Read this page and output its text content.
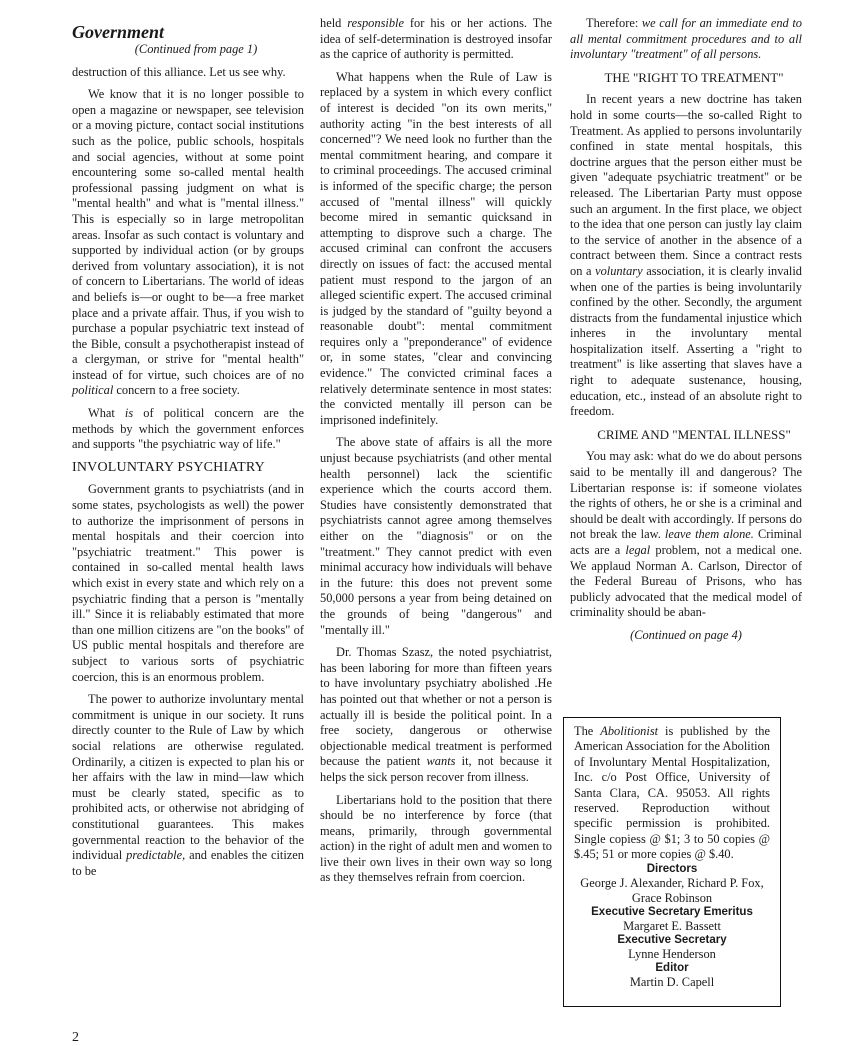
Government

(Continued from page 1)

destruction of this alliance. Let us see why.

We know that it is no longer possible to open a magazine or newspaper, see television or a moving picture, contact social institutions such as the police, public schools, hospitals and social agencies, without at some point encountering some so-called mental health professional passing judgment on what is "mental health" and what is "mental illness." This is especially so in large metropolitan areas. Insofar as such contact is voluntary and supported by individual action (or by groups derived from voluntary association), it is not of concern to Libertarians. The world of ideas and beliefs is—or ought to be—a free market place and a private affair. Thus, if you wish to purchase a popular psychiatric text instead of the Bible, consult a psychotherapist instead of a clergyman, or strive for "mental health" instead of for virtue, such choices are of no political concern to a free society.

What is of political concern are the methods by which the government enforces and supports "the psychiatric way of life."

INVOLUNTARY PSYCHIATRY

Government grants to psychiatrists (and in some states, psychologists as well) the power to authorize the imprisonment of persons in mental hospitals and their coercion into "psychiatric treatment." This power is contained in so-called mental health laws which exist in every state and which rely on a psychiatric finding that a person is "mentally ill." Since it is reliabably estimated that more than one million citizens are "on the books" of US public mental hospitals and therefore are subject to various sorts of psychiatric coercion, this is an enormous problem.

The power to authorize involuntary mental commitment is unique in our society. It runs directly counter to the Rule of Law by which social relations are otherwise regulated. Ordinarily, a citizen is expected to plan his or her affairs with the law in mind—law which must be clearly stated, specific as to prohibited acts, or otherwise not abridging of constitutional guarantees. This makes governmental reaction to the behavior of the individual predictable, and enables the citizen to be

held responsible for his or her actions. The idea of self-determination is destroyed insofar as the caprice of authority is permitted.

What happens when the Rule of Law is replaced by a system in which every conflict of interest is decided "on its own merits," authority acting "in the best interests of all concerned"? We need look no further than the mental commitment hearing, and compare it to criminal proceedings. The accused criminal is informed of the specific charge; the person accused of "mental illness" will quickly become mired in semantic quicksand in attempting to disprove such a charge. The accused criminal can confront the accusers directly on issues of fact: the accused mental patient must respond to the jargon of an alleged scientific expert. The accused criminal is judged by the standard of "guilty beyond a reasonable doubt": mental commitment requires only a "preponderance" of evidence or, in some states, "clear and convincing evidence." The convicted criminal faces a relatively determinate sentence in most states: the convicted mentally ill person can be imprisoned indefinitely.

The above state of affairs is all the more unjust because psychiatrists (and other mental health personnel) lack the scientific experience which the courts accord them. Studies have consistently demonstrated that psychiatrists cannot agree among themselves either on the "diagnosis" or on the "treatment." They cannot predict with even minimal accuracy how individuals will behave in the future: this does not prevent some 50,000 persons a year from being detained on the grounds of being "dangerous" and "mentally ill."

Dr. Thomas Szasz, the noted psychiatrist, has been laboring for more than fifteen years to have involuntary psychiatry abolished .He has pointed out that whether or not a person is actually ill is beside the political point. In a free society, dangerous or otherwise objectionable medical treatment is performed because the patient wants it, not because it helps the sick person recover from illness.

Libertarians hold to the position that there should be no interference by force (that means, primarily, through governmental action) in the right of adult men and women to live their own lives in their own way so long as they themselves refrain from coercion.

Therefore: we call for an immediate end to all mental commitment procedures and to all involuntary "treatment" of all persons.

THE "RIGHT TO TREATMENT"

In recent years a new doctrine has taken hold in some courts—the so-called Right to Treatment. As applied to persons involuntarily confined in state mental hospitals, this doctrine argues that the person either must be given "adequate psychiatric treatment" or be released. The Libertarian Party must oppose such an argument. In the first place, we object to the idea that one person can justly lay claim to the service of another in the absence of a contract between them. Since a contract rests on a voluntary association, it is clearly invalid when one of the parties is being involuntarily confined by the other. Secondly, the argument distracts from the fundamental injustice which inheres in the involuntary mental hospitalization itself. Asserting a "right to treatment" is like asserting that slaves have a right to adequate sustenance, housing, education, etc., instead of an absolute right to freedom.

CRIME AND "MENTAL ILLNESS"

You may ask: what do we do about persons said to be mentally ill and dangerous? The Libertarian response is: if someone violates the rights of others, he or she is a criminal and should be dealt with accordingly. If persons do not break the law. leave them alone. Criminal acts are a legal problem, not a medical one. We applaud Norman A. Carlson, Director of the Federal Bureau of Prisons, who has publicly advocated that the medical model of criminality should be aban-

(Continued on page 4)

The Abolitionist is published by the American Association for the Abolition of Involuntary Mental Hospitalization, Inc. c/o Post Office, University of Santa Clara, CA. 95053. All rights reserved. Reproduction without specific permission is prohibited. Single copiess @ $1; 3 to 50 copies @ $.45; 51 or more copies @ $.40.

Directors
George J. Alexander, Richard P. Fox, Grace Robinson
Executive Secretary Emeritus
Margaret E. Bassett
Executive Secretary
Lynne Henderson
Editor
Martin D. Capell
2
